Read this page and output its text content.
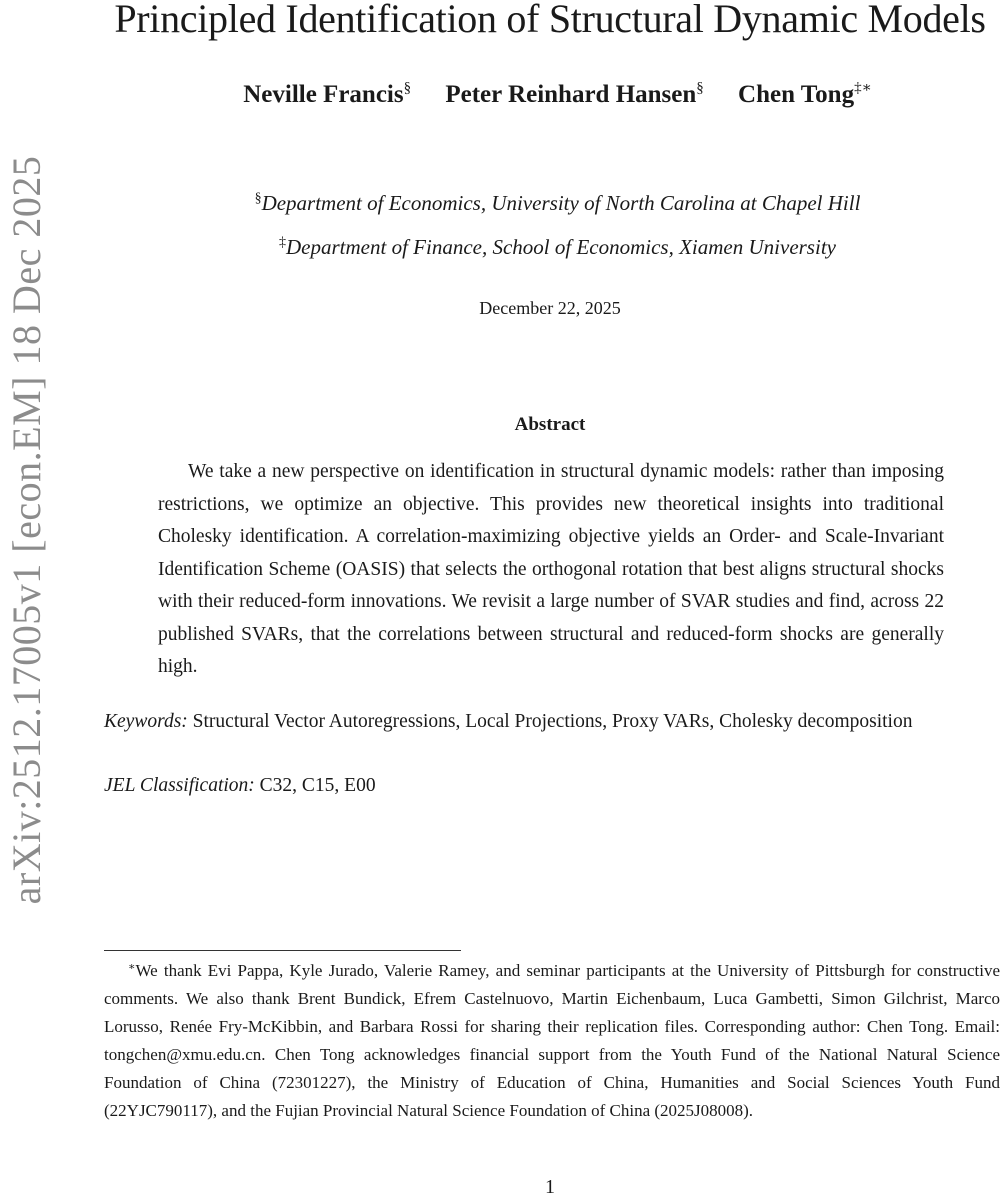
arXiv:2512.17005v1 [econ.EM] 18 Dec 2025
Principled Identification of Structural Dynamic Models
Neville Francis§ Peter Reinhard Hansen§ Chen Tong‡∗
§Department of Economics, University of North Carolina at Chapel Hill
‡Department of Finance, School of Economics, Xiamen University
December 22, 2025
Abstract
We take a new perspective on identification in structural dynamic models: rather than imposing restrictions, we optimize an objective. This provides new theoretical insights into traditional Cholesky identification. A correlation-maximizing objective yields an Order- and Scale-Invariant Identification Scheme (OASIS) that selects the orthogonal rotation that best aligns structural shocks with their reduced-form innovations. We revisit a large number of SVAR studies and find, across 22 published SVARs, that the correlations between structural and reduced-form shocks are generally high.
Keywords: Structural Vector Autoregressions, Local Projections, Proxy VARs, Cholesky decomposition
JEL Classification: C32, C15, E00
∗We thank Evi Pappa, Kyle Jurado, Valerie Ramey, and seminar participants at the University of Pittsburgh for constructive comments. We also thank Brent Bundick, Efrem Castelnuovo, Martin Eichenbaum, Luca Gambetti, Simon Gilchrist, Marco Lorusso, Renée Fry-McKibbin, and Barbara Rossi for sharing their replication files. Corresponding author: Chen Tong. Email: tongchen@xmu.edu.cn. Chen Tong acknowledges financial support from the Youth Fund of the National Natural Science Foundation of China (72301227), the Ministry of Education of China, Humanities and Social Sciences Youth Fund (22YJC790117), and the Fujian Provincial Natural Science Foundation of China (2025J08008).
1
